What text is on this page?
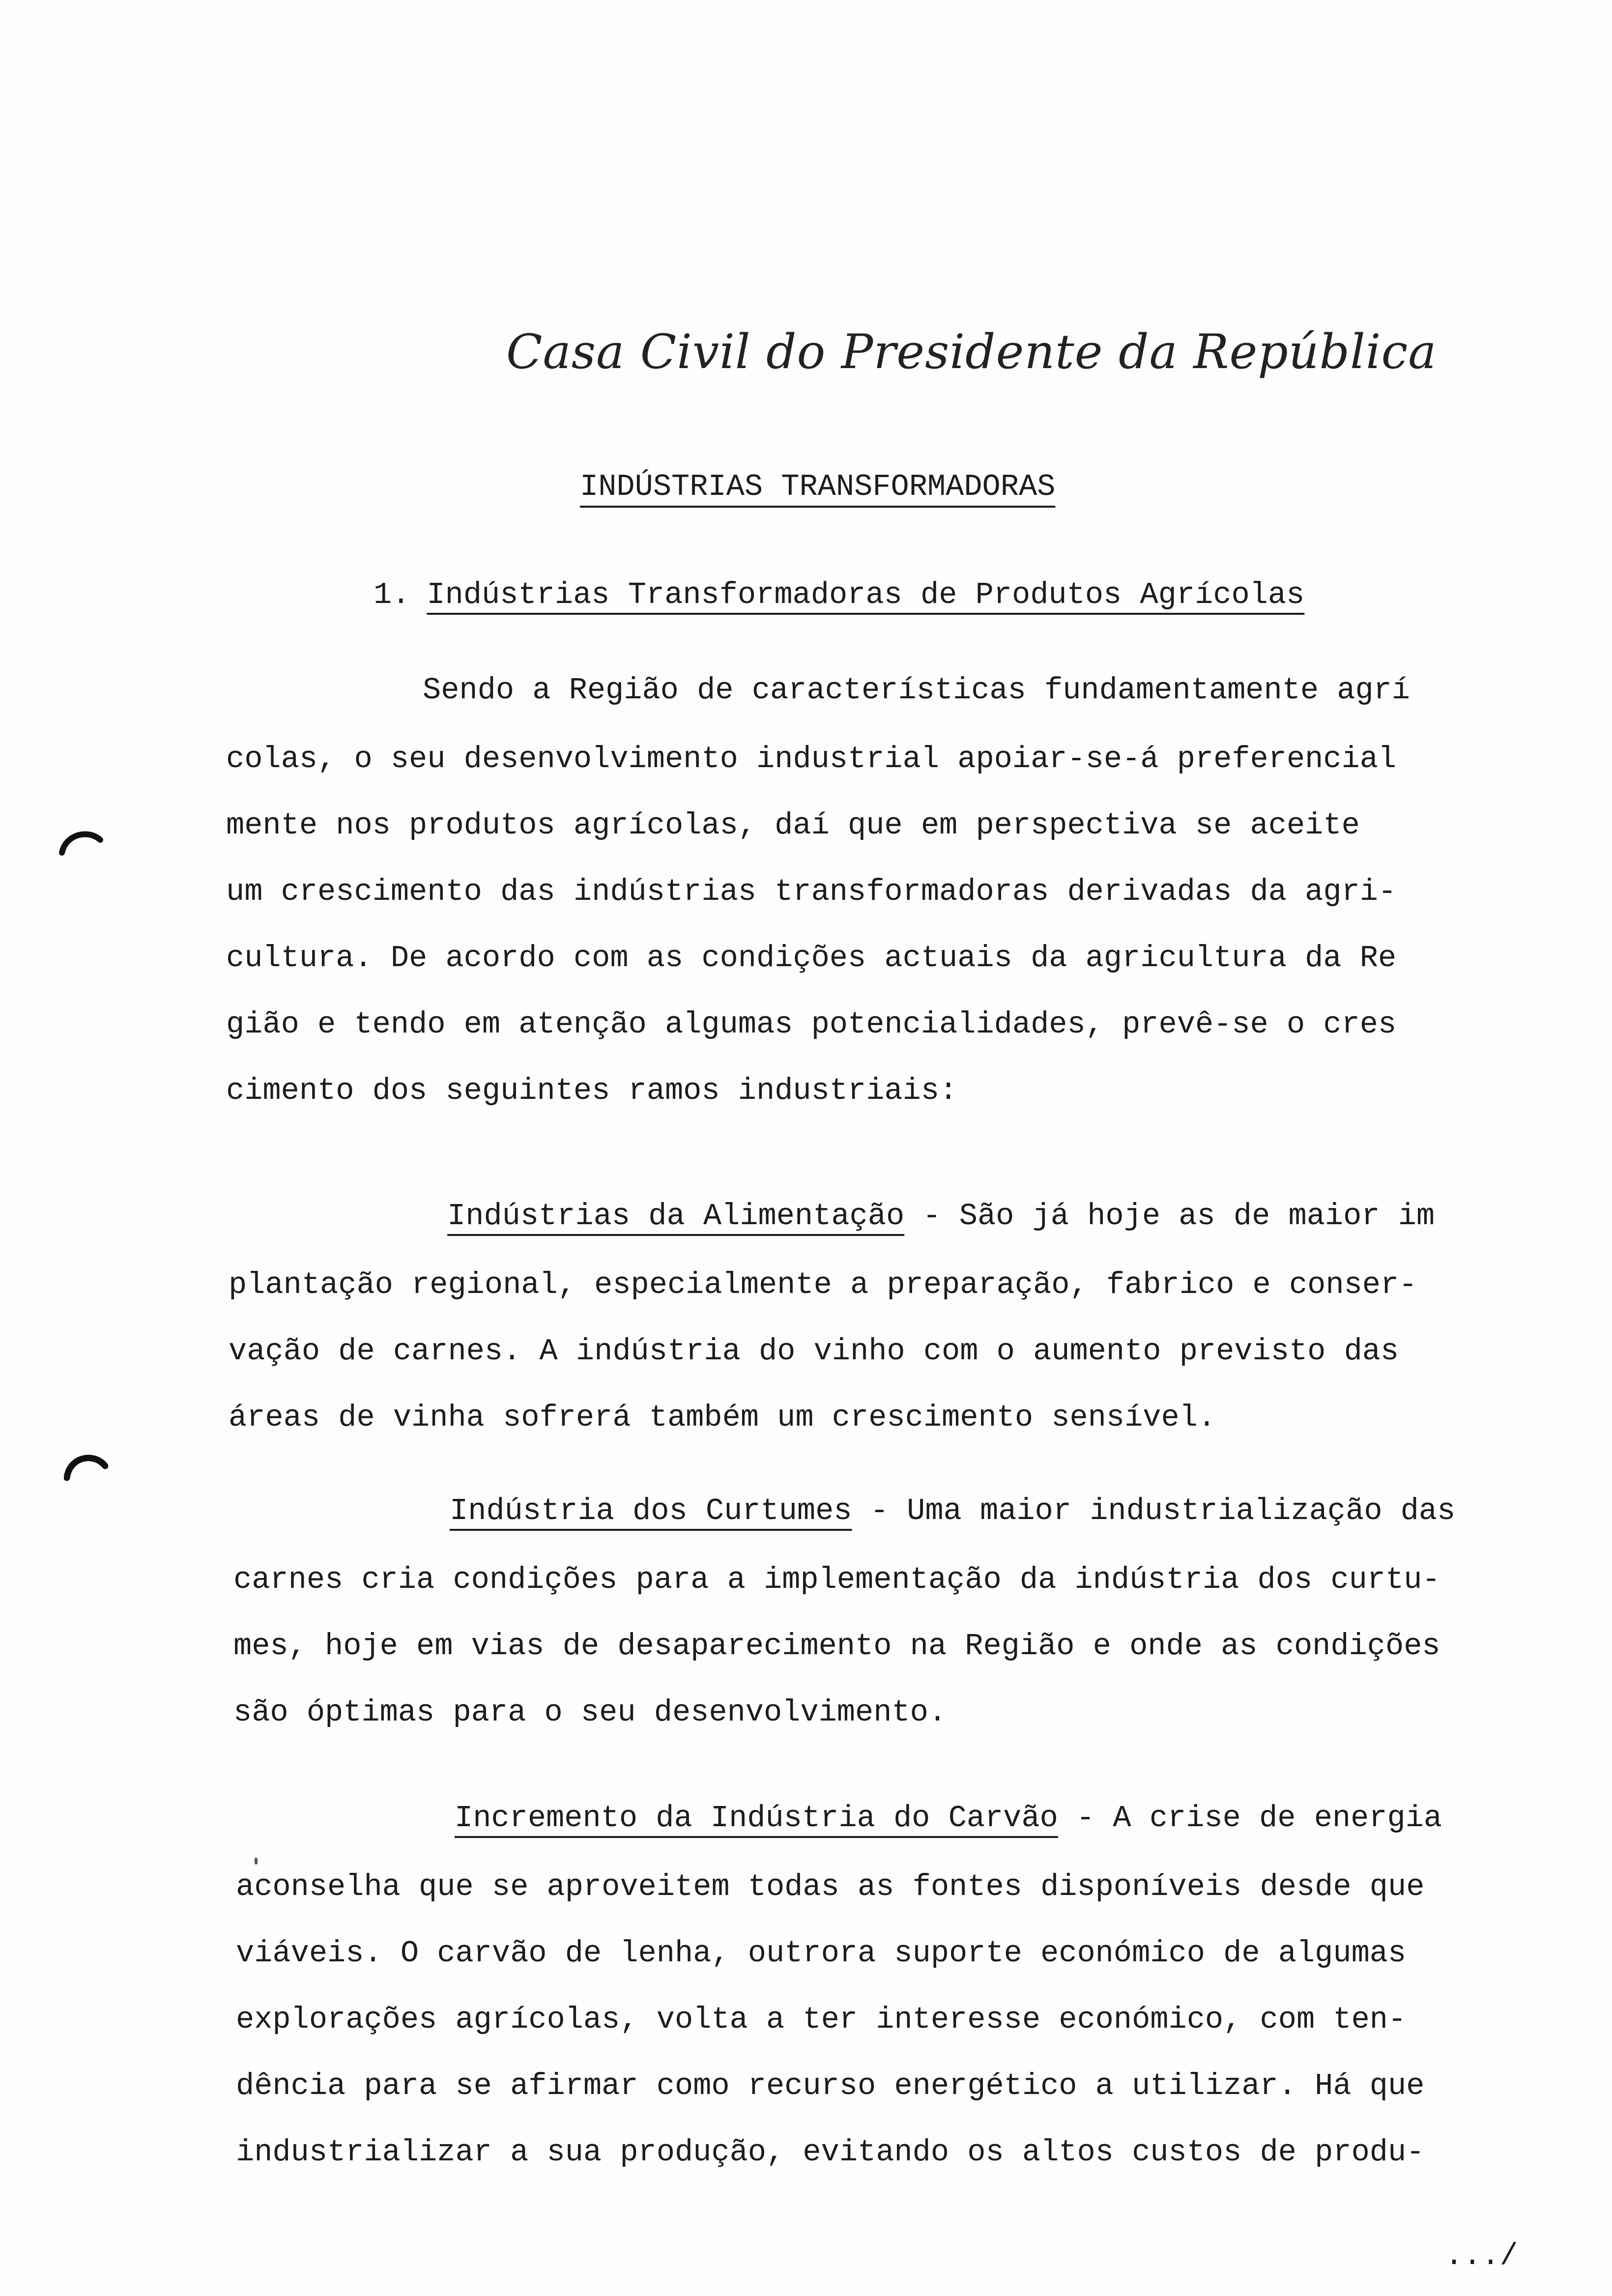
Casa Civil do Presidente da República
INDÚSTRIAS TRANSFORMADORAS
1. Indústrias Transformadoras de Produtos Agrícolas
Sendo a Região de características fundamentamente agrí
colas, o seu desenvolvimento industrial apoiar-se-á preferencial
mente nos produtos agrícolas, daí que em perspectiva se aceite
um crescimento das indústrias transformadoras derivadas da agri-
cultura. De acordo com as condições actuais da agricultura da Re
gião e tendo em atenção algumas potencialidades, prevê-se o cres
cimento dos seguintes ramos industriais:
Indústrias da Alimentação - São já hoje as de maior im
plantação regional, especialmente a preparação, fabrico e conser-
vação de carnes. A indústria do vinho com o aumento previsto das
áreas de vinha sofrerá também um crescimento sensível.
Indústria dos Curtumes - Uma maior industrialização das
carnes cria condições para a implementação da indústria dos curtu-
mes, hoje em vias de desaparecimento na Região e onde as condições
são óptimas para o seu desenvolvimento.
Incremento da Indústria do Carvão - A crise de energia
aconselha que se aproveitem todas as fontes disponíveis desde que
viáveis. O carvão de lenha, outrora suporte económico de algumas
explorações agrícolas, volta a ter interesse económico, com ten-
dência para se afirmar como recurso energético a utilizar. Há que
industrializar a sua produção, evitando os altos custos de produ-
.../
